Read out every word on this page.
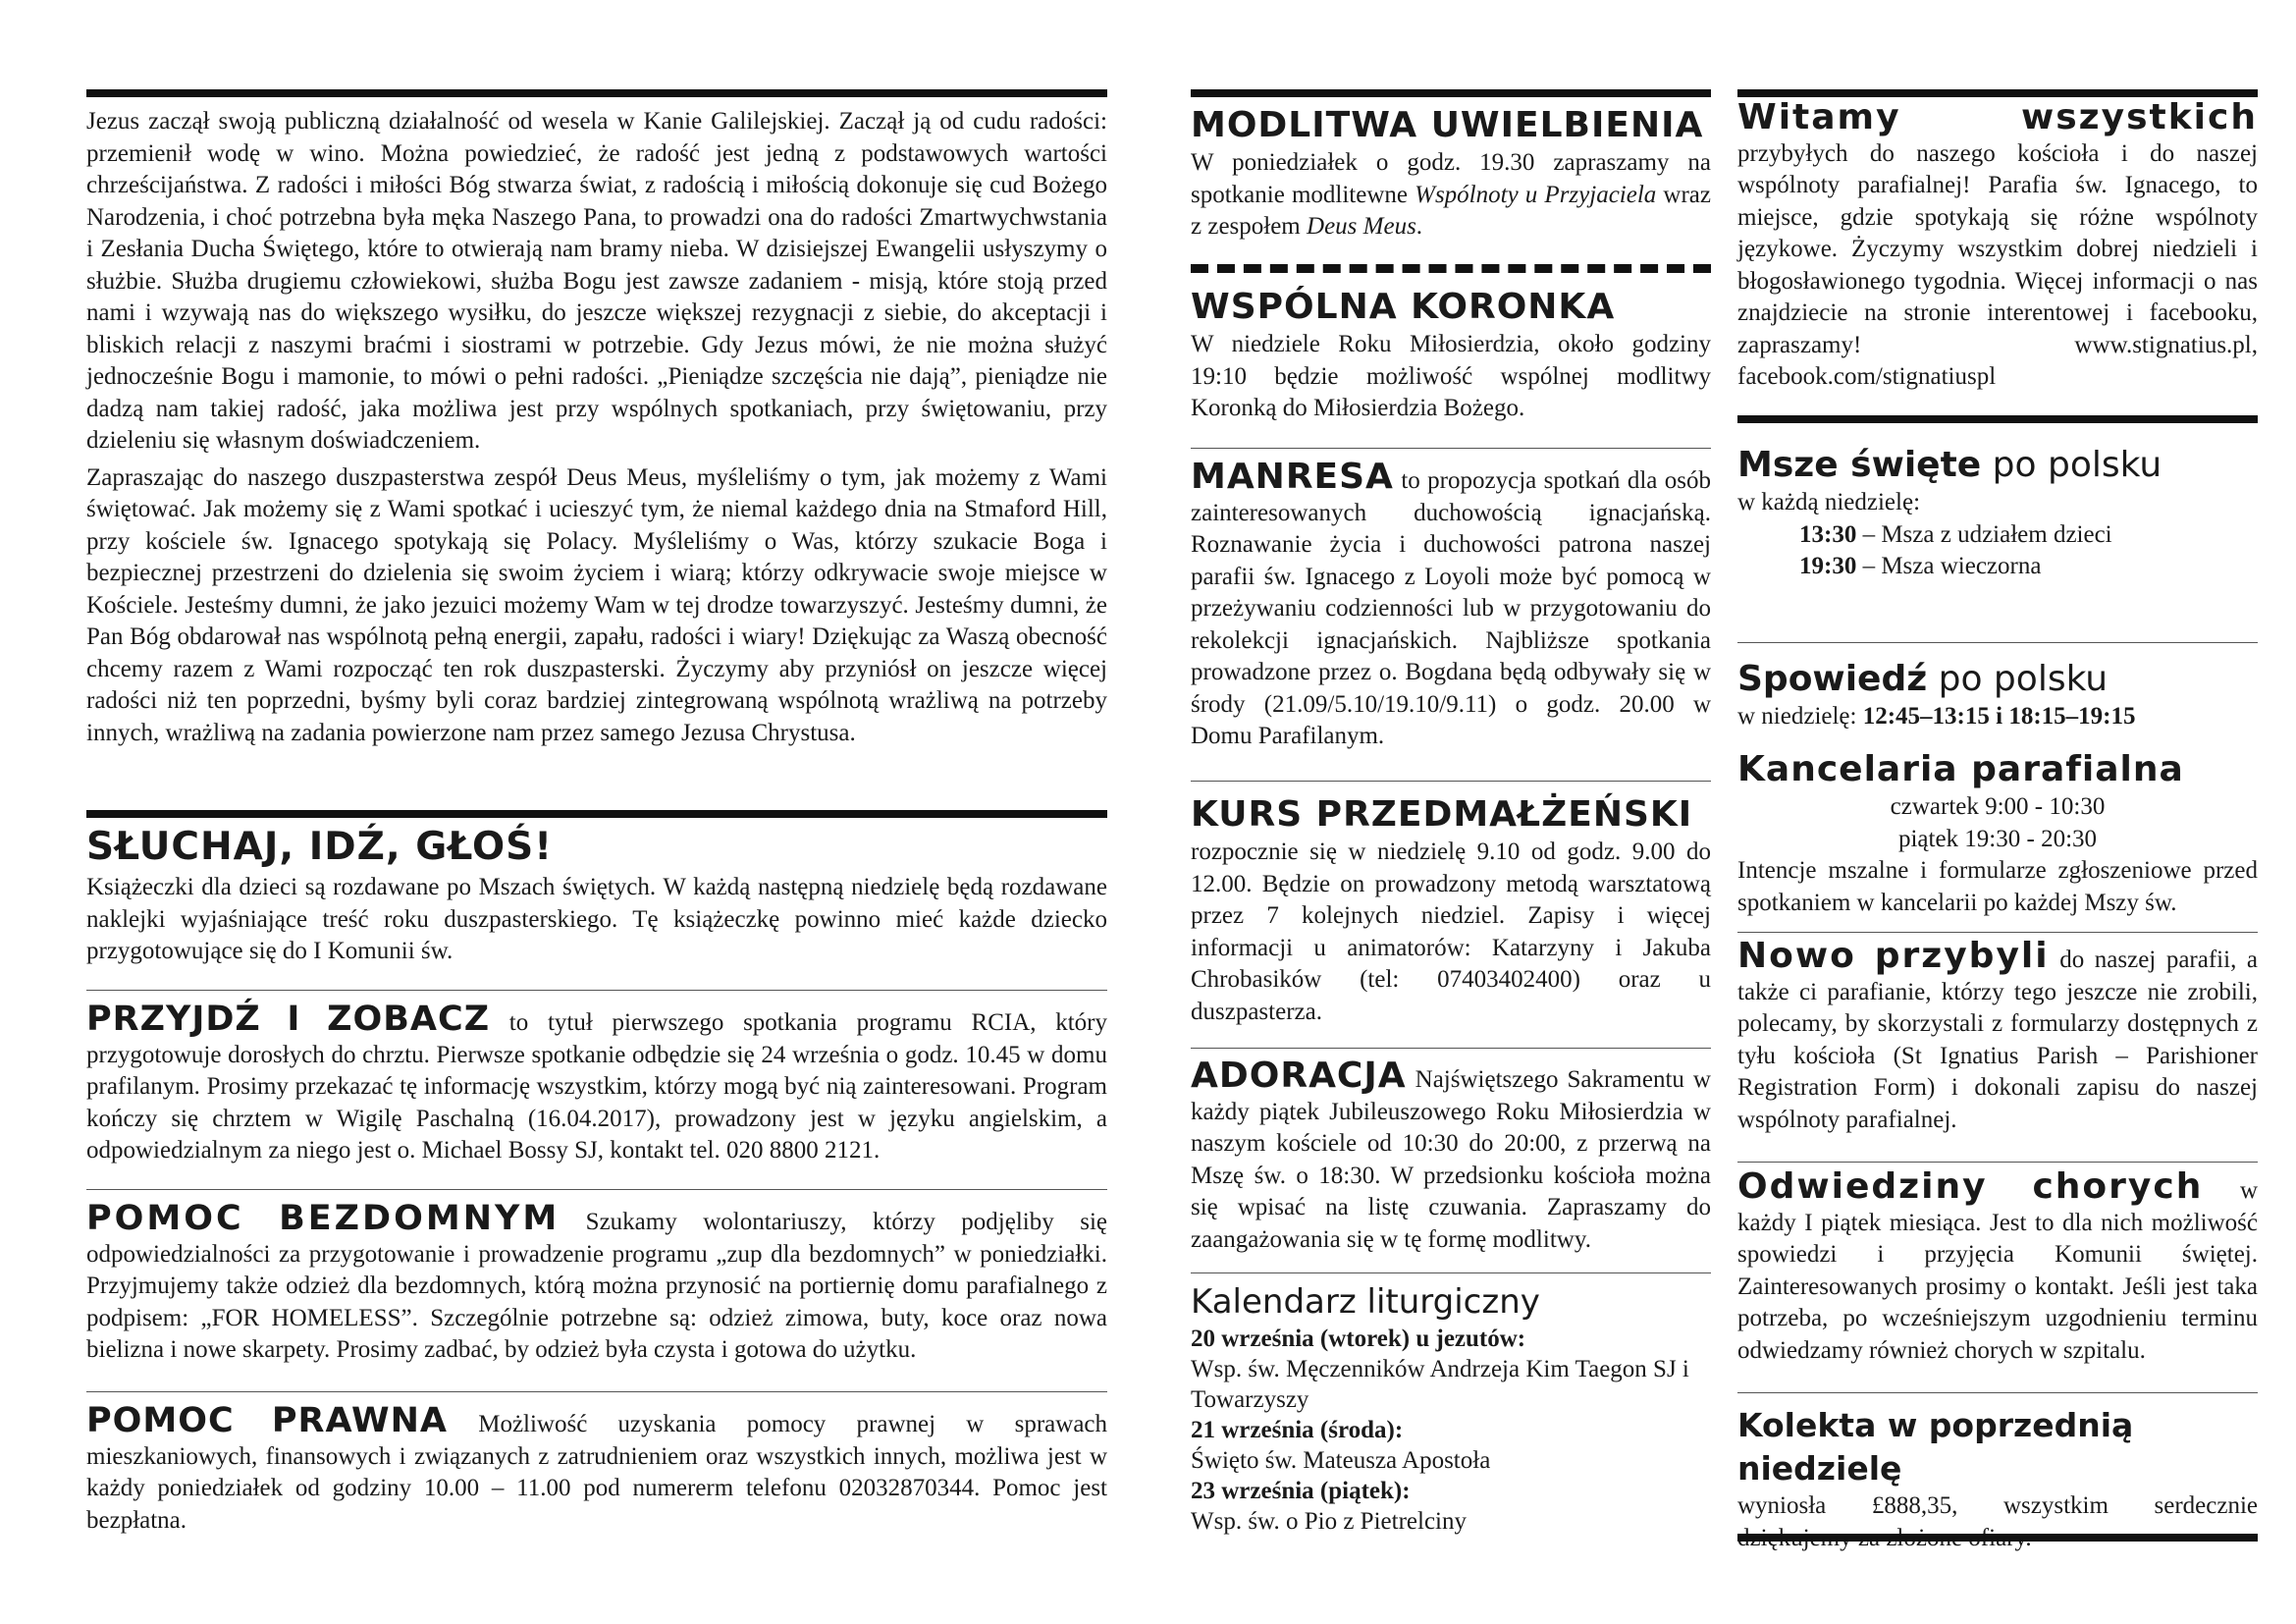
Jezus zaczął swoją publiczną działalność od wesela w Kanie Galilejskiej. Zaczął ją od cudu radości: przemienił wodę w wino. Można powiedzieć, że radość jest jedną z podstawowych wartości chrześcijaństwa. Z radości i miłości Bóg stwarza świat, z radością i miłością dokonuje się cud Bożego Narodzenia, i choć potrzebna była męka Naszego Pana, to prowadzi ona do radości Zmartwychwstania i Zesłania Ducha Świętego, które to otwierają nam bramy nieba. W dzisiejszej Ewangelii usłyszymy o służbie. Służba drugiemu człowiekowi, służba Bogu jest zawsze zadaniem - misją, które stoją przed nami i wzywają nas do większego wysiłku, do jeszcze większej rezygnacji z siebie, do akceptacji i bliskich relacji z naszymi braćmi i siostrami w potrzebie. Gdy Jezus mówi, że nie można służyć jednocześnie Bogu i mamonie, to mówi o pełni radości. „Pieniądze szczęścia nie dają”, pieniądze nie dadzą nam takiej radość, jaka możliwa jest przy wspólnych spotkaniach, przy świętowaniu, przy dzieleniu się własnym doświadczeniem.

Zapraszając do naszego duszpasterstwa zespół Deus Meus, myśleliśmy o tym, jak możemy z Wami świętować. Jak możemy się z Wami spotkać i ucieszyć tym, że niemal każdego dnia na Stmaford Hill, przy kościele św. Ignacego spotykają się Polacy. Myśleliśmy o Was, którzy szukacie Boga i bezpiecznej przestrzeni do dzielenia się swoim życiem i wiarą; którzy odkrywacie swoje miejsce w Kościele. Jesteśmy dumni, że jako jezuici możemy Wam w tej drodze towarzyszyć. Jesteśmy dumni, że Pan Bóg obdarował nas wspólnotą pełną energii, zapału, radości i wiary! Dziękując za Waszą obecność chcemy razem z Wami rozpocząć ten rok duszpasterski. Życzymy aby przyniósł on jeszcze więcej radości niż ten poprzedni, byśmy byli coraz bardziej zintegrowaną wspólnotą wrażliwą na potrzeby innych, wrażliwą na zadania powierzone nam przez samego Jezusa Chrystusa.

SŁUCHAJ, IDŹ, GŁOŚ!

Książeczki dla dzieci są rozdawane po Mszach świętych. W każdą następną niedzielę będą rozdawane naklejki wyjaśniające treść roku duszpasterskiego. Tę książeczkę powinno mieć każde dziecko przygotowujące się do I Komunii św.

PRZYJDŹ I ZOBACZ to tytuł pierwszego spotkania programu RCIA, który przygotowuje dorosłych do chrztu. Pierwsze spotkanie odbędzie się 24 września o godz. 10.45 w domu prafilanym. Prosimy przekazać tę informację wszystkim, którzy mogą być nią zainteresowani. Program kończy się chrztem w Wigilę Paschalną (16.04.2017), prowadzony jest w języku angielskim, a odpowiedzialnym za niego jest o. Michael Bossy SJ, kontakt tel. 020 8800 2121.
POMOC BEZDOMNYM Szukamy wolontariuszy, którzy podjęliby się odpowiedzialności za przygotowanie i prowadzenie programu „zup dla bezdomnych” w poniedziałki. Przyjmujemy także odzież dla bezdomnych, którą można przynosić na portiernię domu parafialnego z podpisem: „FOR HOMELESS”. Szczególnie potrzebne są: odzież zimowa, buty, koce oraz nowa bielizna i nowe skarpety. Prosimy zadbać, by odzież była czysta i gotowa do użytku.
POMOC PRAWNA Możliwość uzyskania pomocy prawnej w sprawach mieszkaniowych, finansowych i związanych z zatrudnieniem oraz wszystkich innych, możliwa jest w każdy poniedziałek od godziny 10.00 – 11.00 pod numererm telefonu 02032870344. Pomoc jest bezpłatna.
MODLITWA UWIELBIENIA

W poniedziałek o godz. 19.30 zapraszamy na spotkanie modlitewne Wspólnoty u Przyjaciela wraz z zespołem Deus Meus.

WSPÓLNA KORONKA

W niedziele Roku Miłosierdzia, około godziny 19:10 będzie możliwość wspólnej modlitwy Koronką do Miłosierdzia Bożego.

MANRESA to propozycja spotkań dla osób zainteresowanych duchowością ignacjańską. Roznawanie życia i duchowości patrona naszej parafii św. Ignacego z Loyoli może być pomocą w przeżywaniu codzienności lub w przygotowaniu do rekolekcji ignacjańskich. Najbliższe spotkania prowadzone przez o. Bogdana będą odbywały się w środy (21.09/5.10/19.10/9.11) o godz. 20.00 w Domu Parafilanym.
KURS PRZEDMAŁŻEŃSKI

rozpocznie się w niedzielę 9.10 od godz. 9.00 do 12.00. Będzie on prowadzony metodą warsztatową przez 7 kolejnych niedziel. Zapisy i więcej informacji u animatorów: Katarzyny i Jakuba Chrobasików (tel: 07403402400) oraz u duszpasterza.

ADORACJA Najświętszego Sakramentu w każdy piątek Jubileuszowego Roku Miłosierdzia w naszym kościele od 10:30 do 20:00, z przerwą na Mszę św. o 18:30. W przedsionku kościoła można się wpisać na listę czuwania. Zapraszamy do zaangażowania się w tę formę modlitwy.
Kalendarz liturgiczny
20 września (wtorek) u jezutów:
Wsp. św. Męczenników Andrzeja Kim Taegon SJ i Towarzyszy
21 września (środa):
Święto św. Mateusza Apostoła
23 września (piątek):
Wsp. św. o Pio z Pietrelciny
Witamy wszystkich przybyłych do naszego kościoła i do naszej wspólnoty parafialnej! Parafia św. Ignacego, to miejsce, gdzie spotykają się różne wspólnoty językowe. Życzymy wszystkim dobrej niedzieli i błogosławionego tygodnia. Więcej informacji o nas znajdziecie na stronie interentowej i facebooku, zapraszamy! www.stignatius.pl, facebook.com/stignatiuspl
Msze święte po polsku
w każdą niedzielę:
13:30 – Msza z udziałem dzieci
19:30 – Msza wieczorna
Spowiedź po polsku
w niedzielę: 12:45–13:15 i 18:15–19:15
Kancelaria parafialna
czwartek 9:00 - 10:30
piątek 19:30 - 20:30

Intencje mszalne i formularze zgłoszeniowe przed spotkaniem w kancelarii po każdej Mszy św.

Nowo przybyli do naszej parafii, a także ci parafianie, którzy tego jeszcze nie zrobili, polecamy, by skorzystali z formularzy dostępnych z tyłu kościoła (St Ignatius Parish – Parishioner Registration Form) i dokonali zapisu do naszej wspólnoty parafialnej.
Odwiedziny chorych w każdy I piątek miesiąca. Jest to dla nich możliwość spowiedzi i przyjęcia Komunii świętej. Zainteresowanych prosimy o kontakt. Jeśli jest taka potrzeba, po wcześniejszym uzgodnieniu terminu odwiedzamy również chorych w szpitalu.
Kolekta w poprzednią niedzielę

wyniosła £888,35, wszystkim serdecznie
